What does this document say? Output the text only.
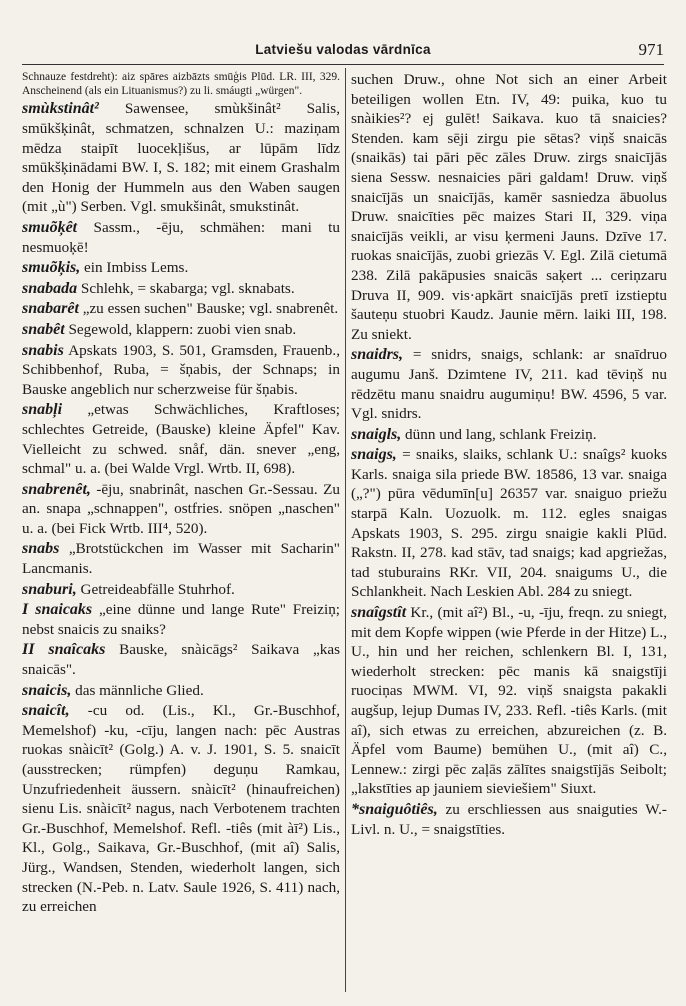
Latviešu valodas vārdnīca	971

Schnauze festdreht): aiz spāres aizbāzts smūģis Plūd. LR. III, 329. Anscheinend (als ein Lituanismus?) zu li. smáugti „würgen".

smùkstinât² Sawensee, smùkšinât² Salis, smūkšķinât, schmatzen, schnalzen U.: maziņam mēdza staipīt luocekļišus, ar lūpām līdz smūkšķinādami BW. I, S. 182; mit einem Grashalm den Honig der Hummeln aus den Waben saugen (mit „ù") Serben. Vgl. smukšinât, smukstinât.

smuõķêt Sassm., -ēju, schmähen: mani tu nesmuoķē!

smuõķis, ein Imbiss Lems.

snabada Schlehk, = skabarga; vgl. sknabats.

snabarêt „zu essen suchen" Bauske; vgl. snabrenêt.

snabêt Segewold, klappern: zuobi vien snab.

snabis Apskats 1903, S. 501, Gramsden, Frauenb., Schibbenhof, Ruba, = šņabis, der Schnaps; in Bauske angeblich nur scherzweise für šņabis.

snabļi „etwas Schwächliches, Kraftloses; schlechtes Getreide, (Bauske) kleine Äpfel" Kav. Vielleicht zu schwed. snåf, dän. snever „eng, schmal" u. a. (bei Walde Vrgl. Wrtb. II, 698).

snabrenêt, -ēju, snabrinât, naschen Gr.-Sessau. Zu an. snapa „schnappen", ostfries. snöpen „naschen" u. a. (bei Fick Wrtb. III⁴, 520).

snabs „Brotstückchen im Wasser mit Sacharin" Lancmanis.

snaburi, Getreideabfälle Stuhrhof.

I snaicaks „eine dünne und lange Rute" Freiziņ; nebst snaicis zu snaiks?

II snaîcaks Bauske, snàicāgs² Saikava „kas snaicās".

snaicis, das männliche Glied.

snaicît, -cu od. (Lis., Kl., Gr.-Buschhof, Memelshof) -ku, -cīju, langen nach: pēc Austras ruokas snàicīt² (Golg.) A. v. J. 1901, S. 5. snaicīt (ausstrecken; rümpfen) deguņu Ramkau, Unzufriedenheit äussern. snàicīt² (hinaufreichen) sienu Lis. snàicīt² nagus, nach Verbotenem trachten Gr.-Buschhof, Memelshof. Refl. -tiês (mit àī²) Lis., Kl., Golg., Saikava, Gr.-Buschhof, (mit aî) Salis, Jürg., Wandsen, Stenden, wiederholt langen, sich strecken (N.-Peb. n. Latv. Saule 1926, S. 411) nach, zu erreichen

suchen Druw., ohne Not sich an einer Arbeit beteiligen wollen Etn. IV, 49: puika, kuo tu snàikies²? ej gulēt! Saikava. kuo tā snaicies? Stenden. kam sēji zirgu pie sētas? viņš snaicās (snaikās) tai pāri pēc zāles Druw. zirgs snaicījās siena Sessw. nesnaicies pāri galdam! Druw. viņš snaicījās un snaicījās, kamēr sasniedza ābuolus Druw. snaicīties pēc maizes Stari II, 329. viņa snaicījās veikli, ar visu ķermeni Jauns. Dzīve 17. ruokas snaicījās, zuobi griezās V. Egl. Zilā cietumā 238. Zilā pakāpusies snaicās saķert ... ceriņzaru Druva II, 909. vis·apkārt snaicījās pretī izstieptu šauteņu stuobri Kaudz. Jaunie mērn. laiki III, 198. Zu sniekt.

snaidrs, = snidrs, snaigs, schlank: ar snaīdruo augumu Janš. Dzimtene IV, 211. kad tēviņš nu rēdzētu manu snaidru augumiņu! BW. 4596, 5 var. Vgl. snidrs.

snaigls, dünn und lang, schlank Freiziņ.

snaigs, = snaiks, slaiks, schlank U.: snaîgs² kuoks Karls. snaiga sila priede BW. 18586, 13 var. snaiga („?") pūra vēdumīn[u] 26357 var. snaiguo priežu starpā Kaln. Uozuolk. m. 112. egles snaigas Apskats 1903, S. 295. zirgu snaigie kakli Plūd. Rakstn. II, 278. kad stāv, tad snaigs; kad apgriežas, tad stuburains RKr. VII, 204. snaigums U., die Schlankheit. Nach Leskien Abl. 284 zu sniegt.

snaîgstît Kr., (mit aî²) Bl., -u, -īju, freqn. zu sniegt, mit dem Kopfe wippen (wie Pferde in der Hitze) L., U., hin und her reichen, schlenkern Bl. I, 131, wiederholt strecken: pēc manis kā snaigstīji ruociņas MWM. VI, 92. viņš snaigsta pakakli augšup, lejup Dumas IV, 233. Refl. -tiês Karls. (mit aî), sich etwas zu erreichen, abzureichen (z. B. Äpfel vom Baume) bemühen U., (mit aî) C., Lennew.: zirgi pēc zaļās zālītes snaigstījās Seibolt; „lakstīties ap jauniem sieviešiem" Siuxt.

*snaiguôtiês, zu erschliessen aus snaiguties W.-Livl. n. U., = snaigstīties.
